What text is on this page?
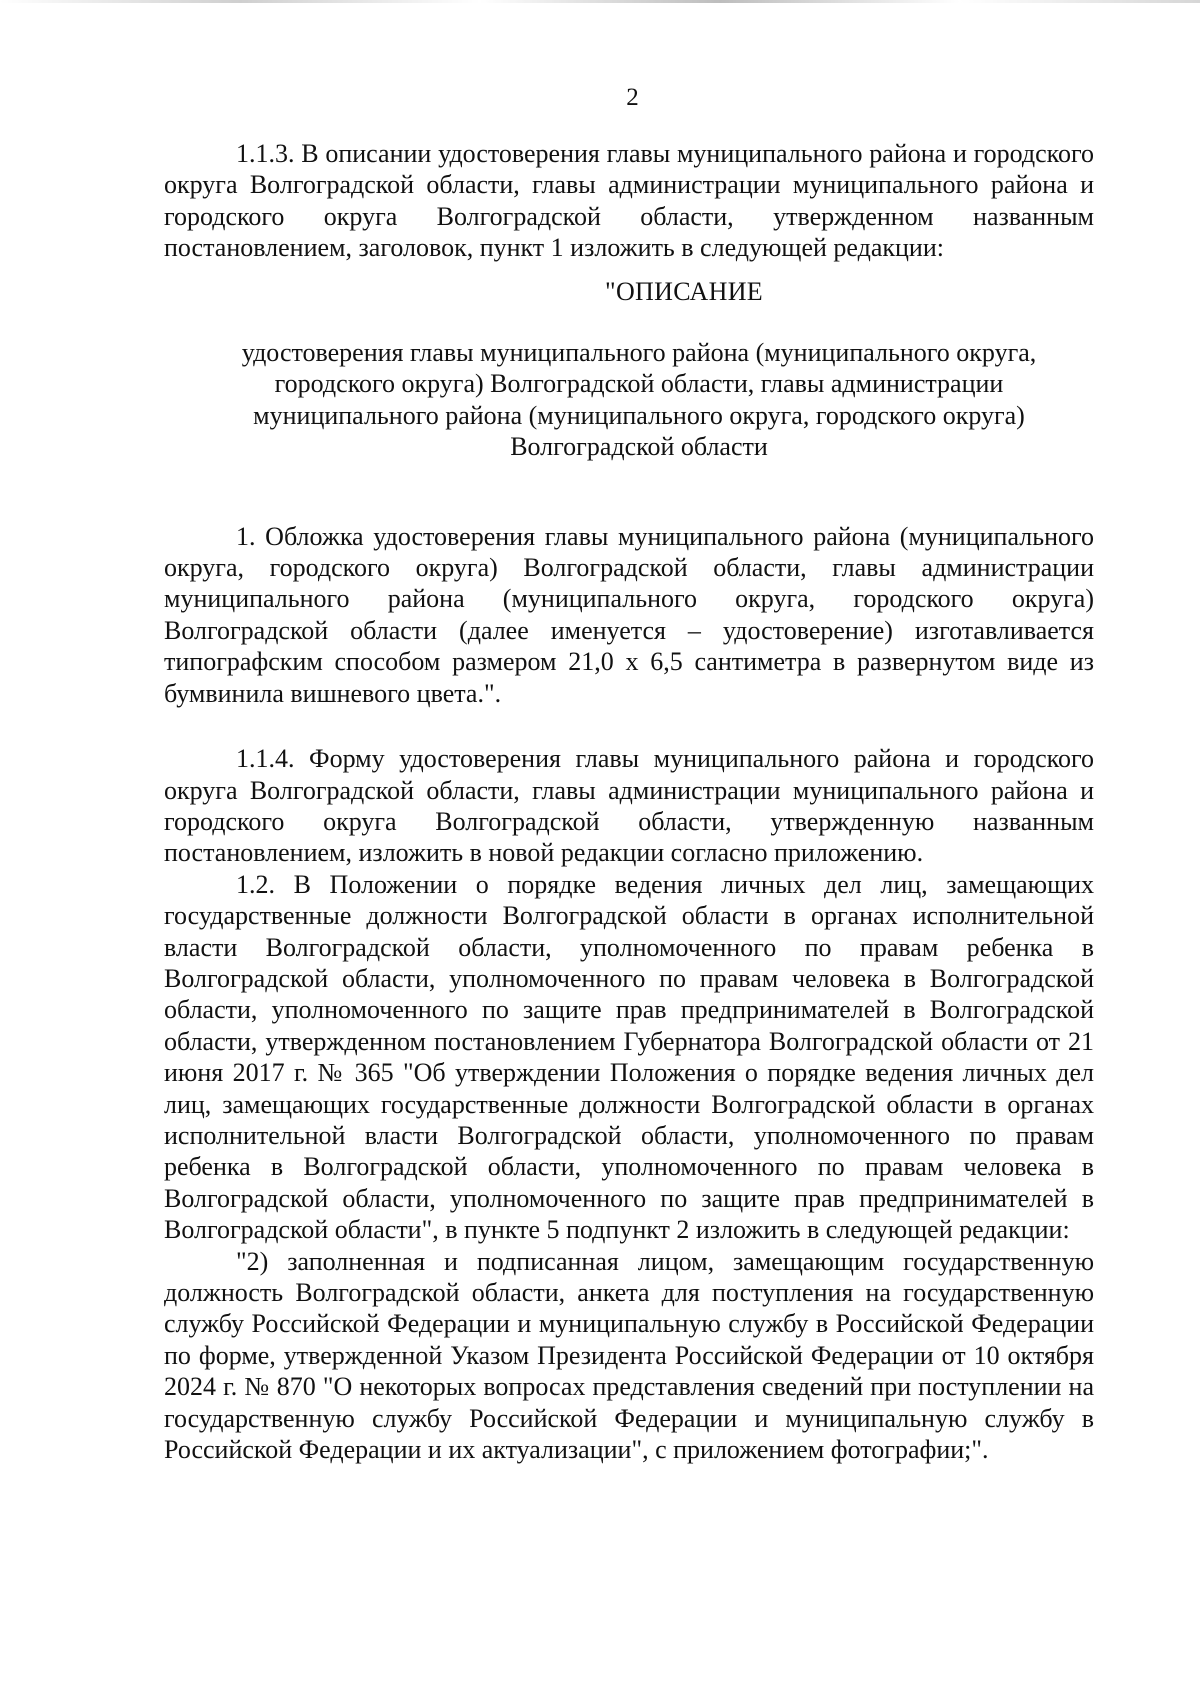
2

1.1.3. В описании удостоверения главы муниципального района и городского округа Волгоградской области, главы администрации муниципального района и городского округа Волгоградской области, утвержденном названным постановлением, заголовок, пункт 1 изложить в следующей редакции:

"ОПИСАНИЕ

удостоверения главы муниципального района (муниципального округа,
городского округа) Волгоградской области, главы администрации
муниципального района (муниципального округа, городского округа)
Волгоградской области

1. Обложка удостоверения главы муниципального района (муниципального округа, городского округа) Волгоградской области, главы администрации муниципального района (муниципального округа, городского округа) Волгоградской области (далее именуется – удостоверение) изготавливается типографским способом размером 21,0 x 6,5 сантиметра в развернутом виде из бумвинила вишневого цвета.".

1.1.4. Форму удостоверения главы муниципального района и городского округа Волгоградской области, главы администрации муниципального района и городского округа Волгоградской области, утвержденную названным постановлением, изложить в новой редакции согласно приложению.

1.2. В Положении о порядке ведения личных дел лиц, замещающих государственные должности Волгоградской области в органах исполнительной власти Волгоградской области, уполномоченного по правам ребенка в Волгоградской области, уполномоченного по правам человека в Волгоградской области, уполномоченного по защите прав предпринимателей в Волгоградской области, утвержденном постановлением Губернатора Волгоградской области от 21 июня 2017 г. № 365 "Об утверждении Положения о порядке ведения личных дел лиц, замещающих государственные должности Волгоградской области в органах исполнительной власти Волгоградской области, уполномоченного по правам ребенка в Волгоградской области, уполномоченного по правам человека в Волгоградской области, уполномоченного по защите прав предпринимателей в Волгоградской области", в пункте 5 подпункт 2 изложить в следующей редакции:

"2) заполненная и подписанная лицом, замещающим государственную должность Волгоградской области, анкета для поступления на государственную службу Российской Федерации и муниципальную службу в Российской Федерации по форме, утвержденной Указом Президента Российской Федерации от 10 октября 2024 г. № 870 "О некоторых вопросах представления сведений при поступлении на государственную службу Российской Федерации и муниципальную службу в Российской Федерации и их актуализации", с приложением фотографии;".
